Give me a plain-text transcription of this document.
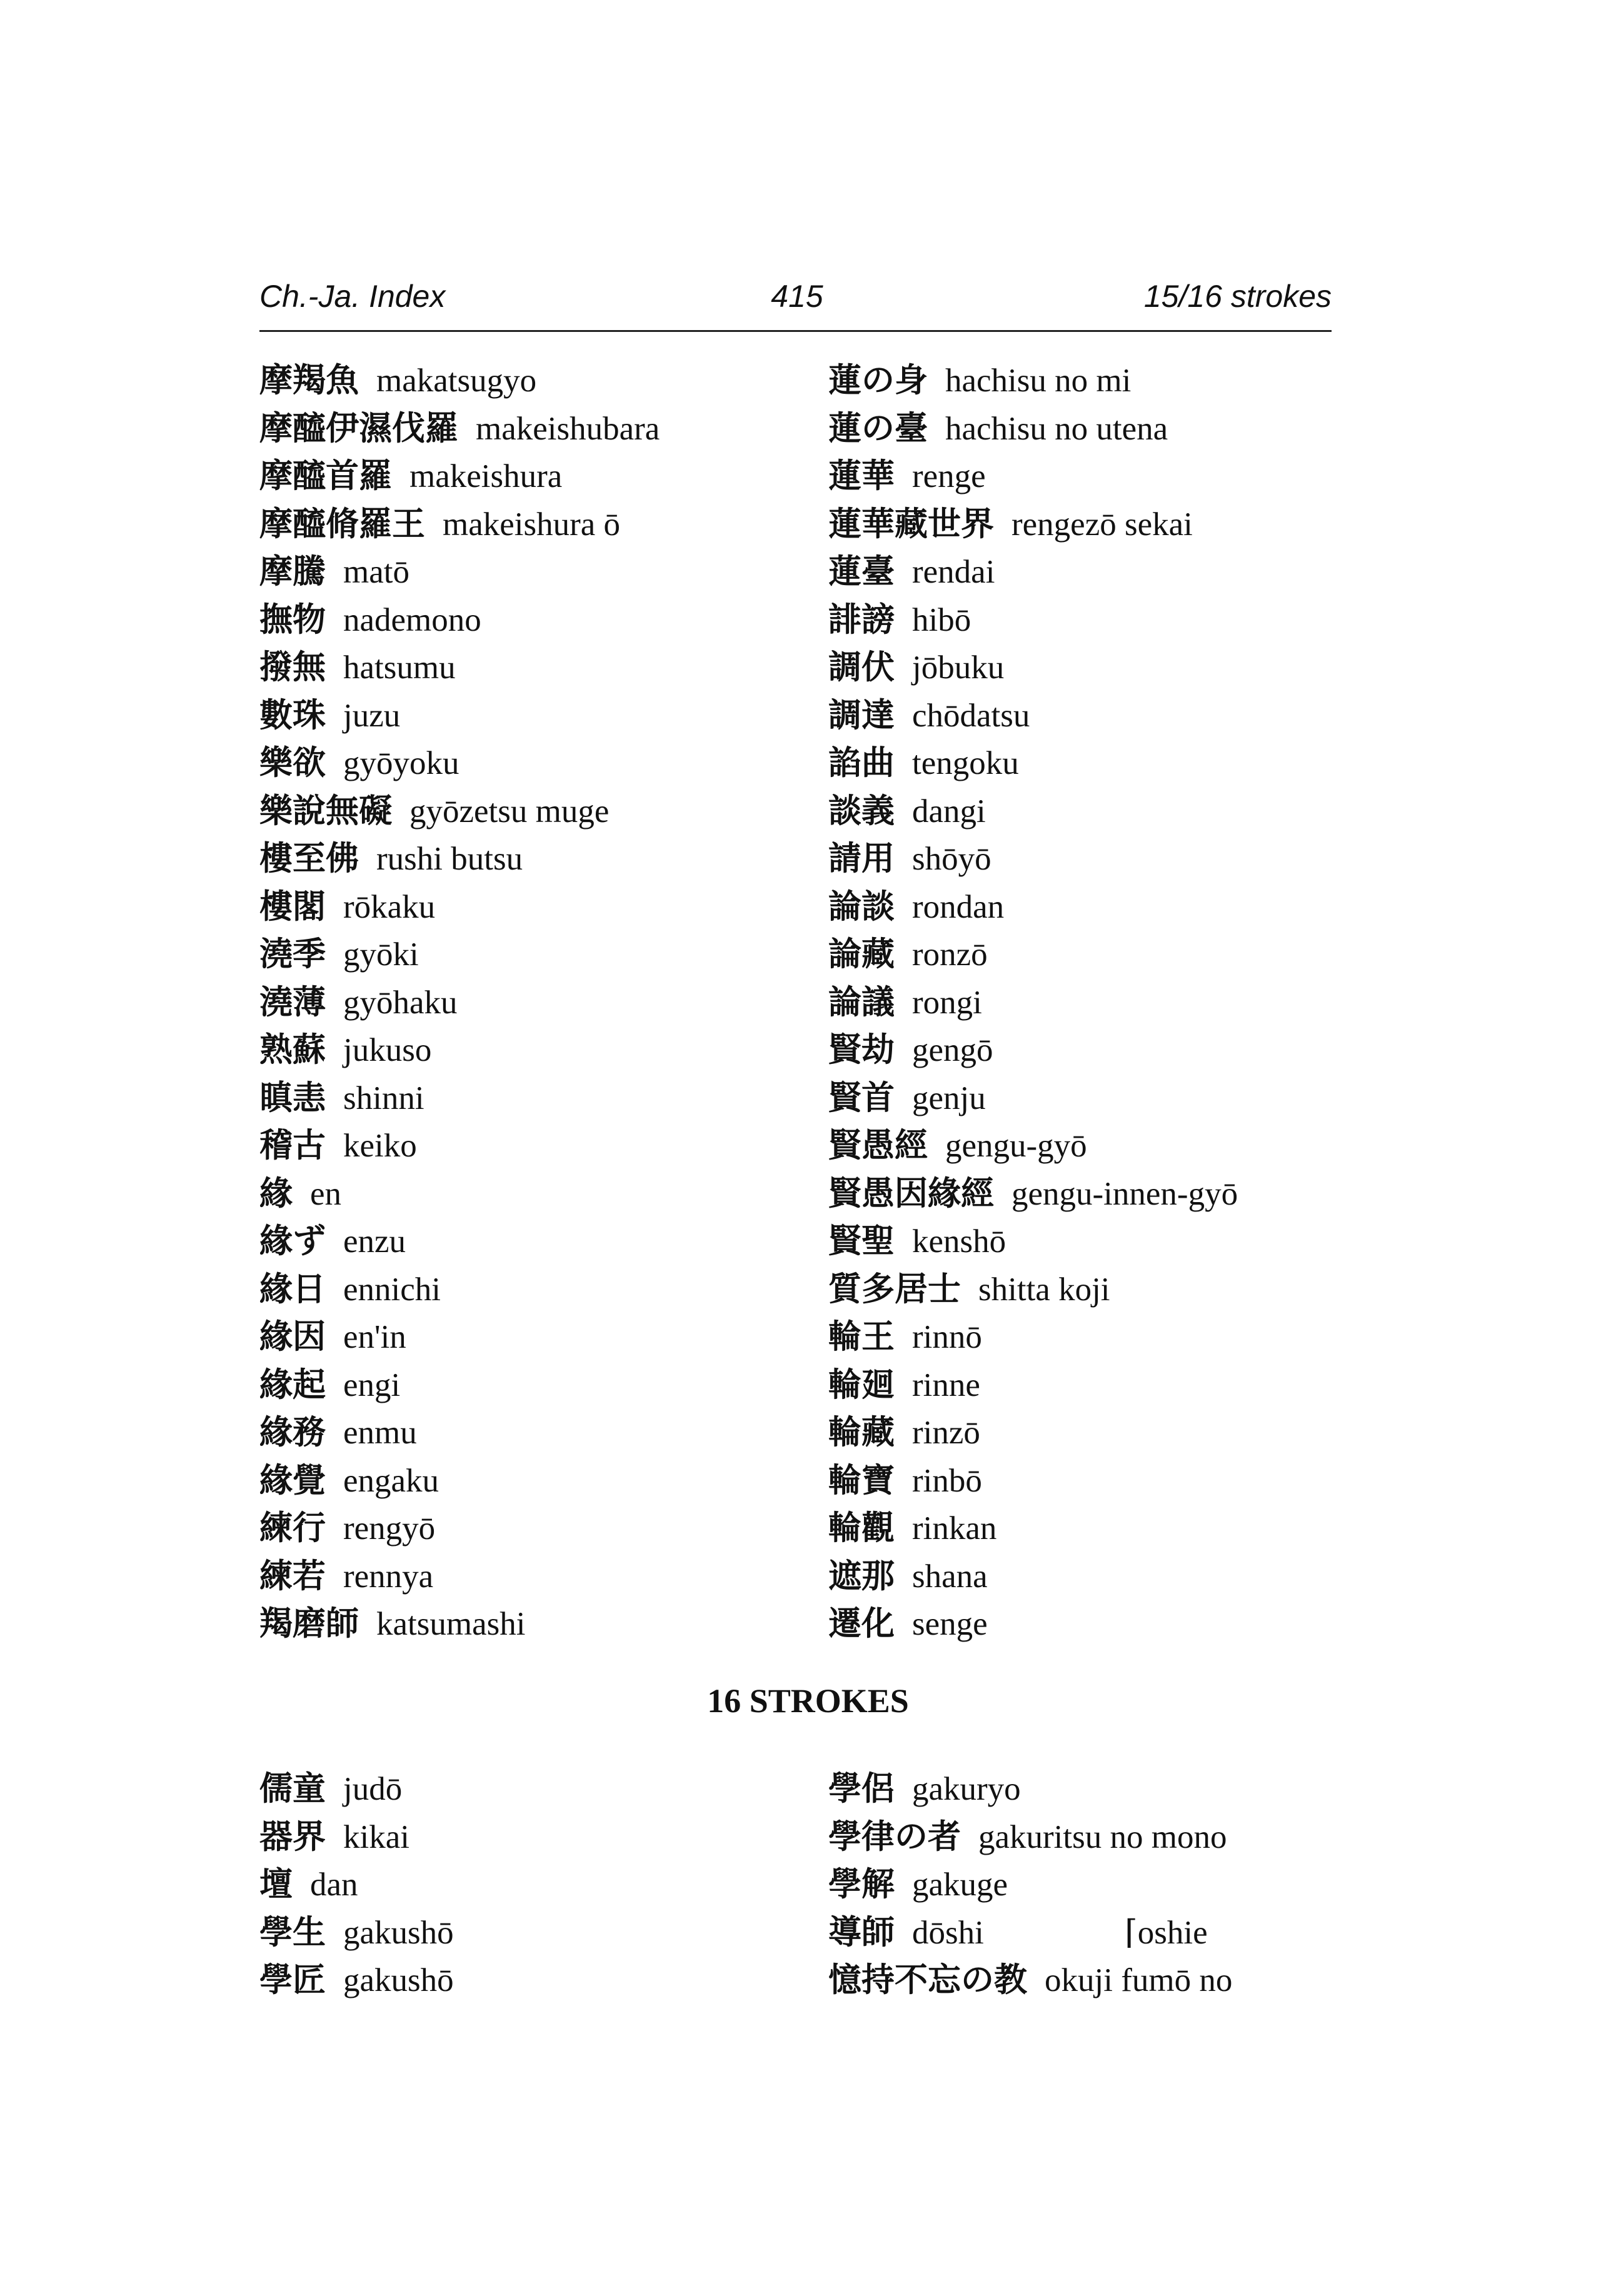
Ch.-Ja. Index	415	15/16 strokes
摩羯魚 makatsugyo
摩醯伊濕伐羅 makeishubara
摩醯首羅 makeishura
摩醯脩羅王 makeishura ō
摩騰 matō
撫物 nademono
撥無 hatsumu
數珠 juzu
樂欲 gyōyoku
樂說無礙 gyōzetsu muge
樓至佛 rushi butsu
樓閣 rōkaku
澆季 gyōki
澆薄 gyōhaku
熟蘇 jukuso
瞋恚 shinni
稽古 keiko
緣 en
緣ず enzu
緣日 ennichi
緣因 en'in
緣起 engi
緣務 enmu
緣覺 engaku
練行 rengyō
練若 rennya
羯磨師 katsumashi
蓮の身 hachisu no mi
蓮の臺 hachisu no utena
蓮華 renge
蓮華藏世界 rengezō sekai
蓮臺 rendai
誹謗 hibō
調伏 jōbuku
調達 chōdatsu
諂曲 tengoku
談義 dangi
請用 shōyō
論談 rondan
論藏 ronzō
論議 rongi
賢劫 gengō
賢首 genju
賢愚經 gengu-gyō
賢愚因緣經 gengu-innen-gyō
賢聖 kenshō
質多居士 shitta koji
輪王 rinnō
輪廻 rinne
輪藏 rinzō
輪寶 rinbō
輪觀 rinkan
遮那 shana
遷化 senge
16 STROKES
儒童 judō
器界 kikai
壇 dan
學生 gakushō
學匠 gakushō
學侶 gakuryo
學律の者 gakuritsu no mono
學解 gakuge
導師 dōshi                 ⌈oshie
憶持不忘の教 okuji fumō no
